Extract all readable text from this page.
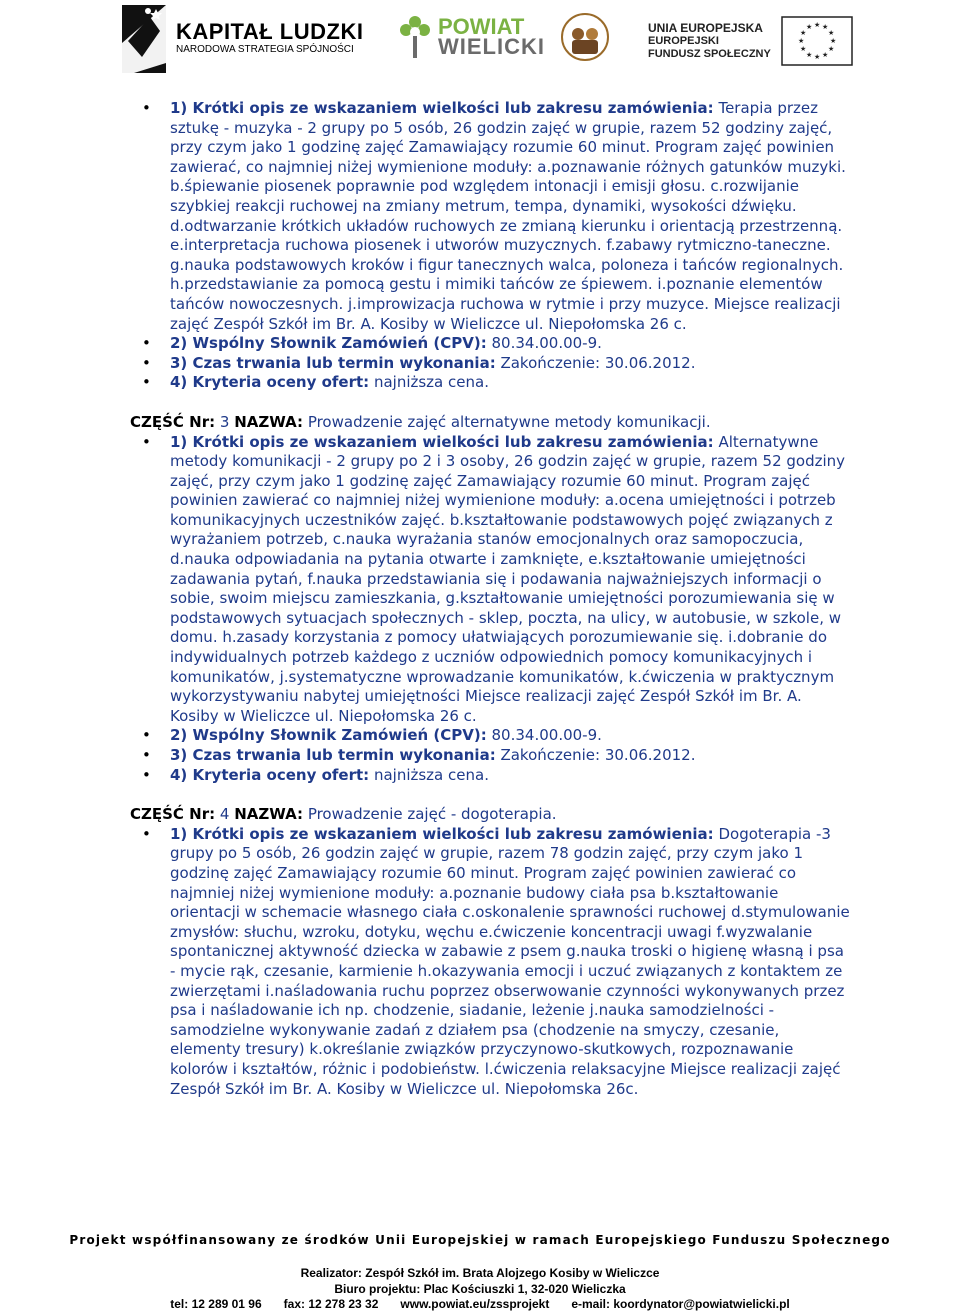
KAPITAŁ LUDZKI
NARODOWA STRATEGIA SPÓJNOŚCI
POWIAT
WIELICKI
UNIA EUROPEJSKA
EUROPEJSKI
FUNDUSZ SPOŁECZNY
★ ★
★
★
★
★
★
★
★
★
★
★
• 1) Krótki opis ze wskazaniem wielkości lub zakresu zamówienia: Terapia przez sztukę - muzyka - 2 grupy po 5 osób, 26 godzin zajęć w grupie, razem 52 godziny zajęć, przy czym jako 1 godzinę zajęć Zamawiający rozumie 60 minut. Program zajęć powinien zawierać, co najmniej niżej wymienione moduły: a.poznawanie różnych gatunków muzyki. b.śpiewanie piosenek poprawnie pod względem intonacji i emisji głosu. c.rozwijanie szybkiej reakcji ruchowej na zmiany metrum, tempa, dynamiki, wysokości dźwięku. d.odtwarzanie krótkich układów ruchowych ze zmianą kierunku i orientacją przestrzenną. e.interpretacja ruchowa piosenek i utworów muzycznych. f.zabawy rytmiczno-taneczne. g.nauka podstawowych kroków i figur tanecznych walca, poloneza i tańców regionalnych. h.przedstawianie za pomocą gestu i mimiki tańców ze śpiewem. i.poznanie elementów tańców nowoczesnych. j.improwizacja ruchowa w rytmie i przy muzyce. Miejsce realizacji zajęć Zespół Szkół im Br. A. Kosiby w Wieliczce ul. Niepołomska 26 c.

• 2) Wspólny Słownik Zamówień (CPV): 80.34.00.00-9.

• 3) Czas trwania lub termin wykonania: Zakończenie: 30.06.2012.

• 4) Kryteria oceny ofert: najniższa cena.

CZĘŚĆ Nr: 3 NAZWA: Prowadzenie zajęć alternatywne metody komunikacji.

• 1) Krótki opis ze wskazaniem wielkości lub zakresu zamówienia: Alternatywne metody komunikacji - 2 grupy po 2 i 3 osoby, 26 godzin zajęć w grupie, razem 52 godziny zajęć, przy czym jako 1 godzinę zajęć Zamawiający rozumie 60 minut. Program zajęć powinien zawierać co najmniej niżej wymienione moduły: a.ocena umiejętności i potrzeb komunikacyjnych uczestników zajęć. b.kształtowanie podstawowych pojęć związanych z wyrażaniem potrzeb, c.nauka wyrażania stanów emocjonalnych oraz samopoczucia, d.nauka odpowiadania na pytania otwarte i zamknięte, e.kształtowanie umiejętności zadawania pytań, f.nauka przedstawiania się i podawania najważniejszych informacji o sobie, swoim miejscu zamieszkania, g.kształtowanie umiejętności porozumiewania się w podstawowych sytuacjach społecznych - sklep, poczta, na ulicy, w autobusie, w szkole, w domu. h.zasady korzystania z pomocy ułatwiających porozumiewanie się. i.dobranie do indywidualnych potrzeb każdego z uczniów odpowiednich pomocy komunikacyjnych i komunikatów, j.systematyczne wprowadzanie komunikatów, k.ćwiczenia w praktycznym wykorzystywaniu nabytej umiejętności Miejsce realizacji zajęć Zespół Szkół im Br. A. Kosiby w Wieliczce ul. Niepołomska 26 c.

• 2) Wspólny Słownik Zamówień (CPV): 80.34.00.00-9.

• 3) Czas trwania lub termin wykonania: Zakończenie: 30.06.2012.

• 4) Kryteria oceny ofert: najniższa cena.

CZĘŚĆ Nr: 4 NAZWA: Prowadzenie zajęć - dogoterapia.

• 1) Krótki opis ze wskazaniem wielkości lub zakresu zamówienia: Dogoterapia -3 grupy po 5 osób, 26 godzin zajęć w grupie, razem 78 godzin zajęć, przy czym jako 1 godzinę zajęć Zamawiający rozumie 60 minut. Program zajęć powinien zawierać co najmniej niżej wymienione moduły: a.poznanie budowy ciała psa b.kształtowanie orientacji w schemacie własnego ciała c.oskonalenie sprawności ruchowej d.stymulowanie zmysłów: słuchu, wzroku, dotyku, węchu e.ćwiczenie koncentracji uwagi f.wyzwalanie spontanicznej aktywność dziecka w zabawie z psem g.nauka troski o higienę własną i psa - mycie rąk, czesanie, karmienie h.okazywania emocji i uczuć związanych z kontaktem ze zwierzętami i.naśladowania ruchu poprzez obserwowanie czynności wykonywanych przez psa i naśladowanie ich np. chodzenie, siadanie, leżenie j.nauka samodzielności - samodzielne wykonywanie zadań z działem psa (chodzenie na smyczy, czesanie, elementy tresury) k.określanie związków przyczynowo-skutkowych, rozpoznawanie kolorów i kształtów, różnic i podobieństw. l.ćwiczenia relaksacyjne Miejsce realizacji zajęć Zespół Szkół im Br. A. Kosiby w Wieliczce ul. Niepołomska 26c.

Projekt współfinansowany ze środków Unii Europejskiej w ramach Europejskiego Funduszu Społecznego
Realizator: Zespół Szkół im. Brata Alojzego Kosiby w Wieliczce
Biuro projektu: Plac Kościuszki 1, 32-020 Wieliczka
tel: 12 289 01 96 fax: 12 278 23 32 www.powiat.eu/zssprojekt e-mail: koordynator@powiatwielicki.pl
